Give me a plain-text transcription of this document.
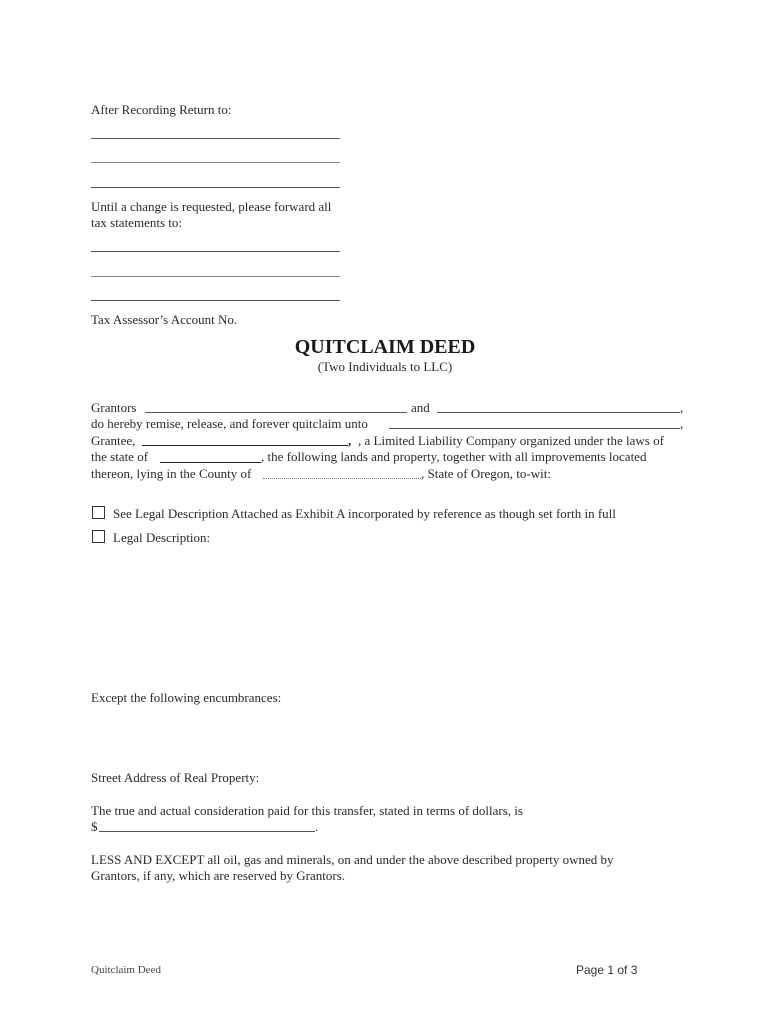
After Recording Return to:
Until a change is requested, please forward all
tax statements to:
Tax Assessor’s Account No.
QUITCLAIM DEED
(Two Individuals to LLC)
Grantors	and	,
do hereby remise, release, and forever quitclaim unto	,
Grantee,	, , a Limited Liability Company organized under the laws of
the state of	, the following lands and property, together with all improvements located
thereon, lying in the County of	, State of Oregon, to-wit:
See Legal Description Attached as Exhibit A incorporated by reference as though set forth in full
Legal Description:
Except the following encumbrances:
Street Address of Real Property:
The true and actual consideration paid for this transfer, stated in terms of dollars, is
$	.
LESS AND EXCEPT all oil, gas and minerals, on and under the above described property owned by
Grantors, if any, which are reserved by Grantors.
Quitclaim Deed	Page 1 of 3
